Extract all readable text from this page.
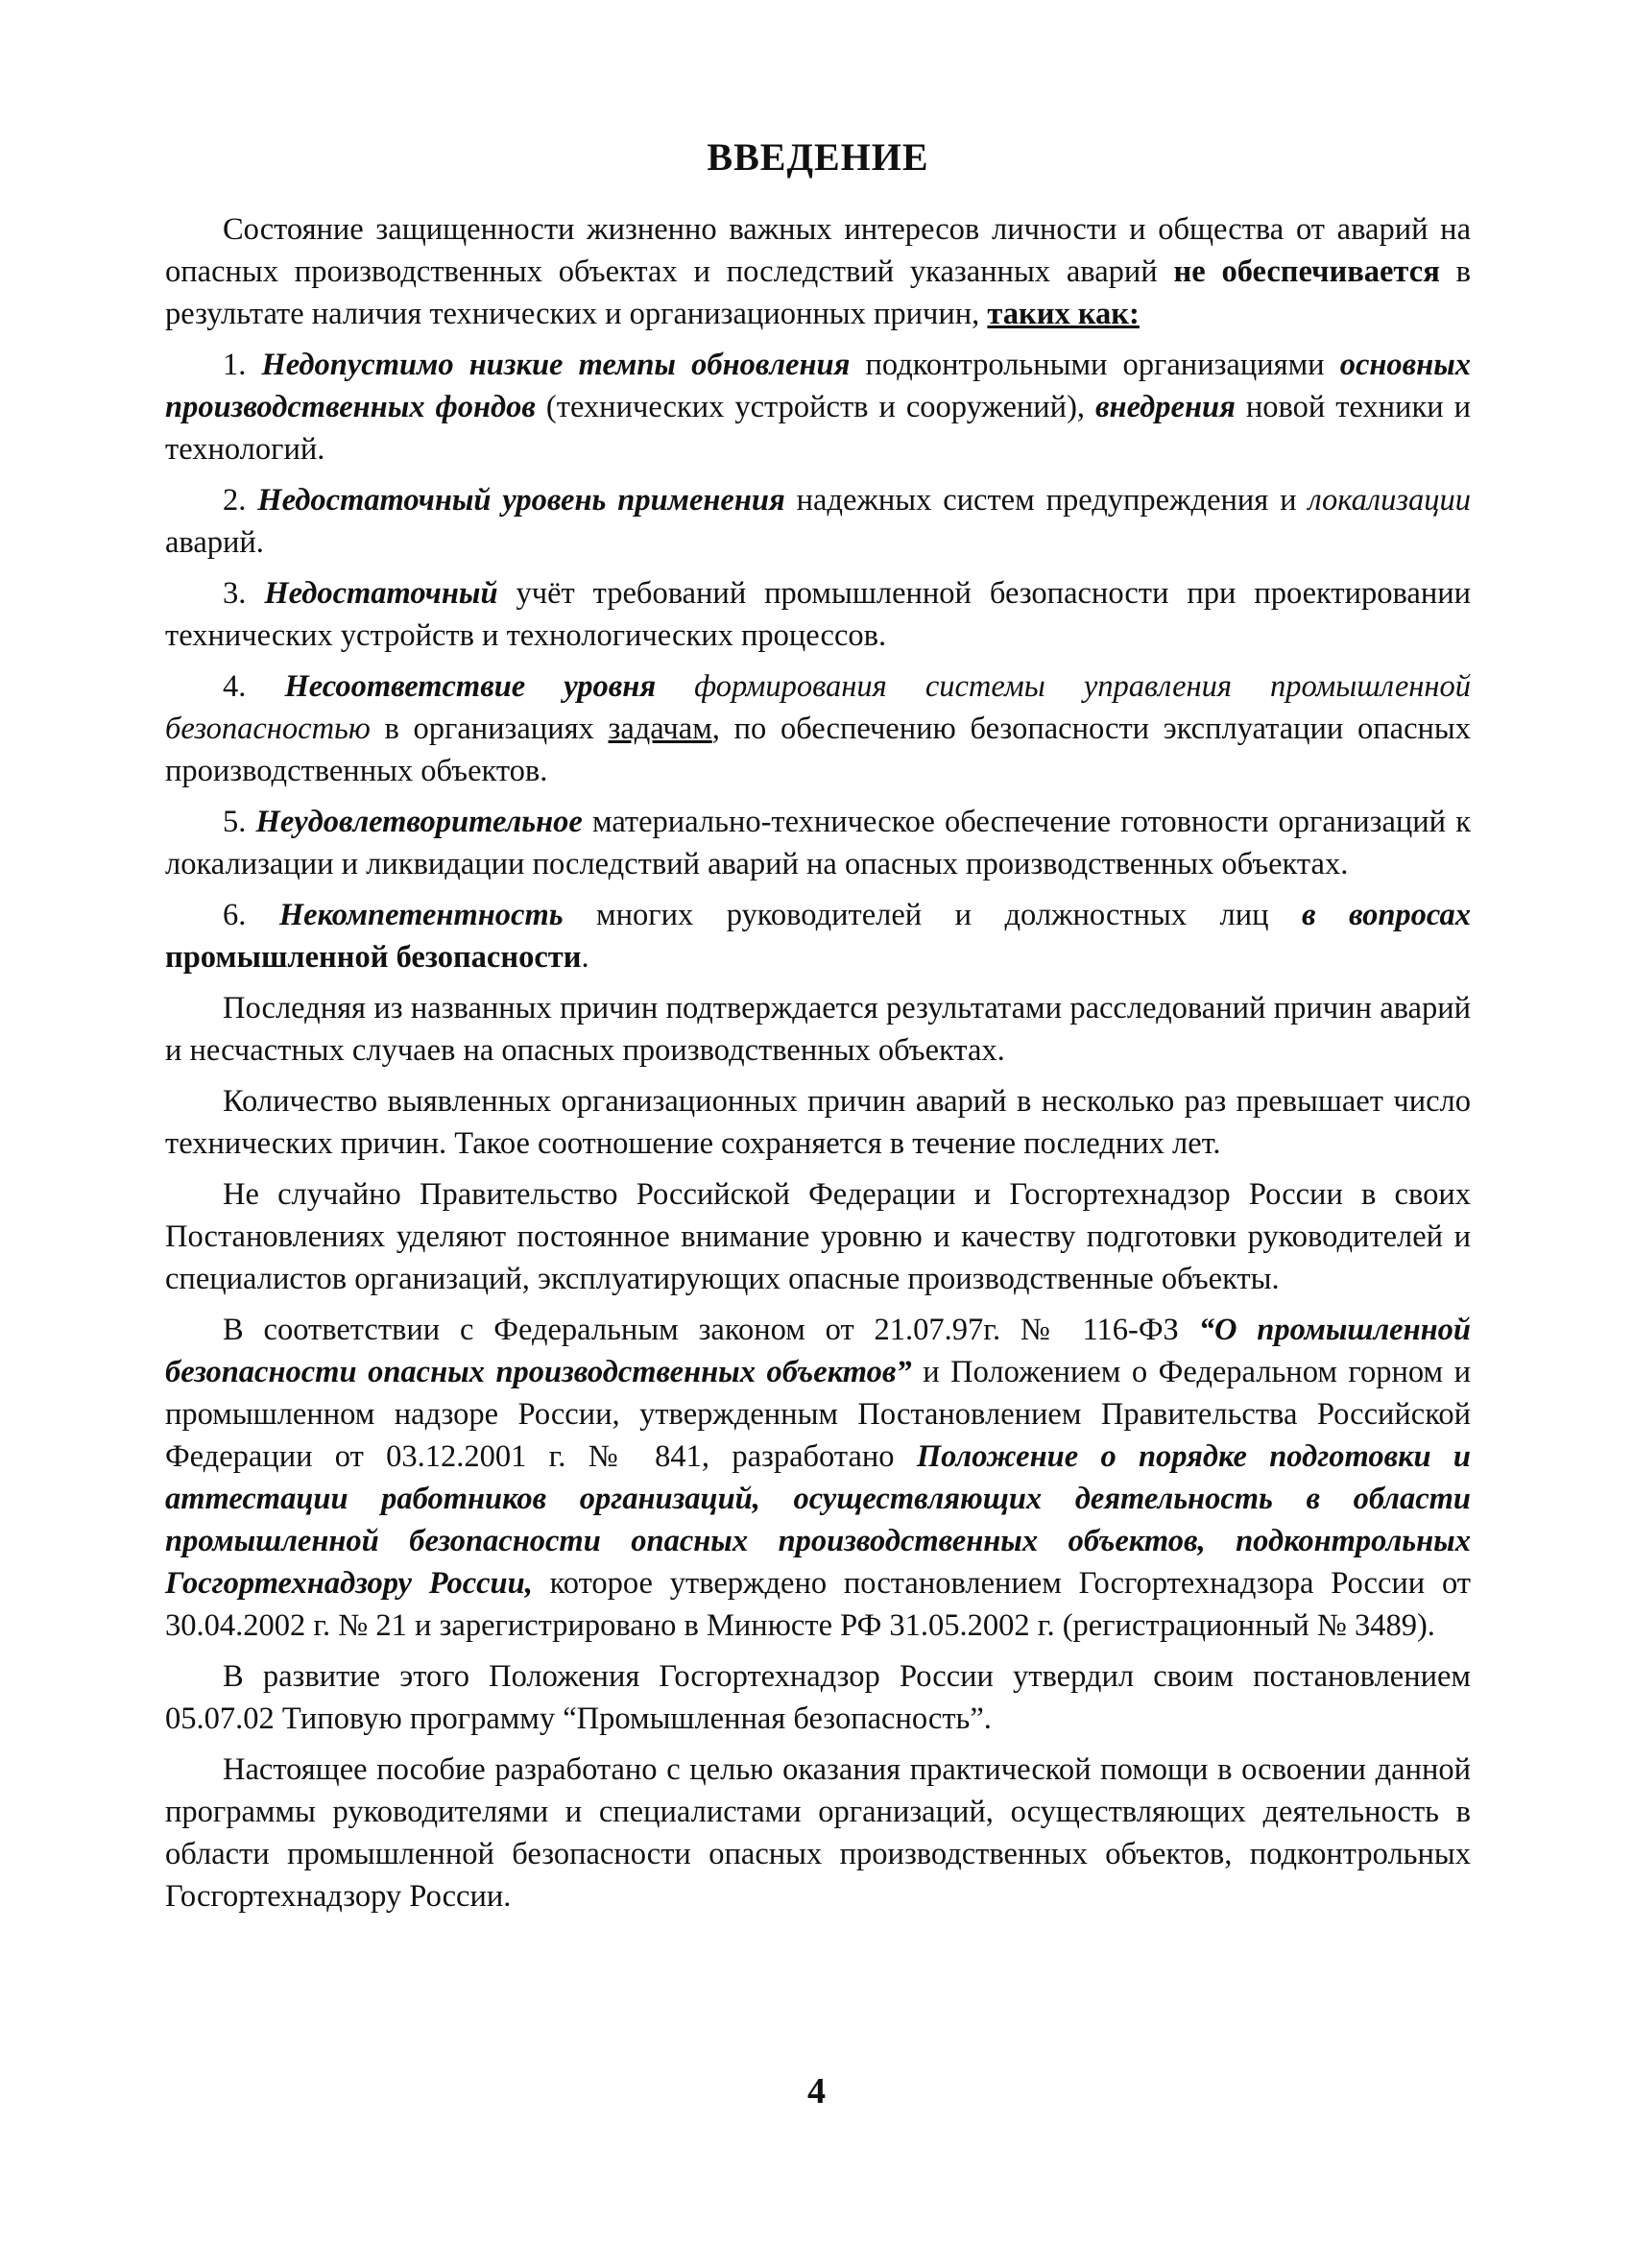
ВВЕДЕНИЕ

Состояние защищенности жизненно важных интересов личности и общества от аварий на опасных производственных объектах и последствий указанных аварий не обеспечивается в результате наличия технических и организационных причин, таких как:

1. Недопустимо низкие темпы обновления подконтрольными организациями основных производственных фондов (технических устройств и сооружений), внедрения новой техники и технологий.

2. Недостаточный уровень применения надежных систем предупреждения и локализации аварий.

3. Недостаточный учёт требований промышленной безопасности при проектировании технических устройств и технологических процессов.

4. Несоответствие уровня формирования системы управления промышленной безопасностью в организациях задачам, по обеспечению безопасности эксплуатации опасных производственных объектов.

5. Неудовлетворительное материально-техническое обеспечение готовности организаций к локализации и ликвидации последствий аварий на опасных производственных объектах.

6. Некомпетентность многих руководителей и должностных лиц в вопросах промышленной безопасности.

Последняя из названных причин подтверждается результатами расследований причин аварий и несчастных случаев на опасных производственных объектах.

Количество выявленных организационных причин аварий в несколько раз превышает число технических причин. Такое соотношение сохраняется в течение последних лет.

Не случайно Правительство Российской Федерации и Госгортехнадзор России в своих Постановлениях уделяют постоянное внимание уровню и качеству подготовки руководителей и специалистов организаций, эксплуатирующих опасные производственные объекты.

В соответствии с Федеральным законом от 21.07.97г. № 116-ФЗ “О промышленной безопасности опасных производственных объектов” и Положением о Федеральном горном и промышленном надзоре России, утвержденным Постановлением Правительства Российской Федерации от 03.12.2001 г. № 841, разработано Положение о порядке подготовки и аттестации работников организаций, осуществляющих деятельность в области промышленной безопасности опасных производственных объектов, подконтрольных Госгортехнадзору России, которое утверждено постановлением Госгортехнадзора России от 30.04.2002 г. № 21 и зарегистрировано в Минюсте РФ 31.05.2002 г. (регистрационный № 3489).

В развитие этого Положения Госгортехнадзор России утвердил своим постановлением 05.07.02 Типовую программу “Промышленная безопасность”.

Настоящее пособие разработано с целью оказания практической помощи в освоении данной программы руководителями и специалистами организаций, осуществляющих деятельность в области промышленной безопасности опасных производственных объектов, подконтрольных Госгортехнадзору России.

4
